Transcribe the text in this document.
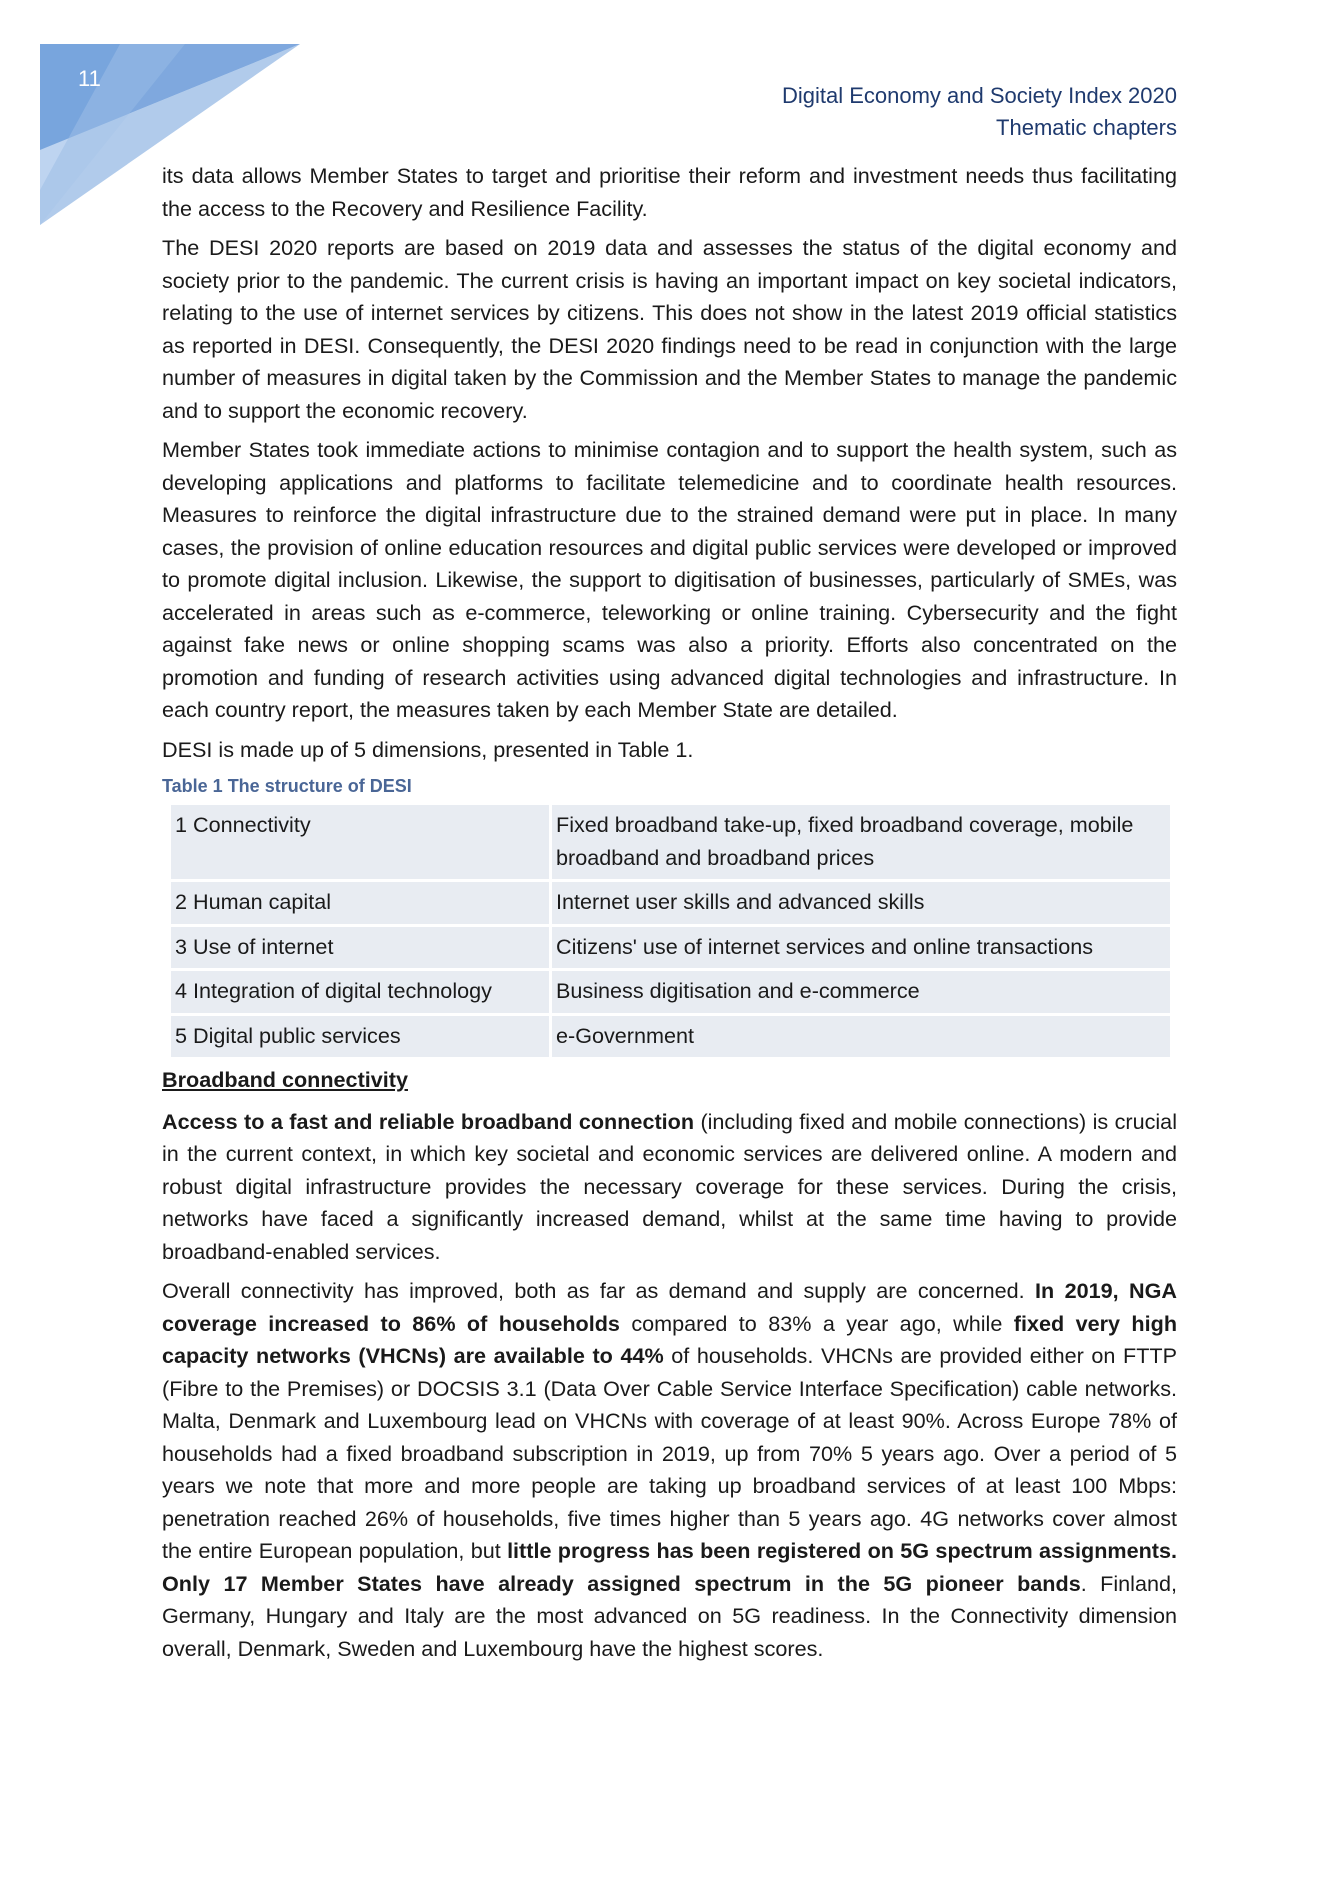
11
Digital Economy and Society Index 2020
Thematic chapters

its data allows Member States to target and prioritise their reform and investment needs thus facilitating the access to the Recovery and Resilience Facility.

The DESI 2020 reports are based on 2019 data and assesses the status of the digital economy and society prior to the pandemic. The current crisis is having an important impact on key societal indicators, relating to the use of internet services by citizens. This does not show in the latest 2019 official statistics as reported in DESI. Consequently, the DESI 2020 findings need to be read in conjunction with the large number of measures in digital taken by the Commission and the Member States to manage the pandemic and to support the economic recovery.

Member States took immediate actions to minimise contagion and to support the health system, such as developing applications and platforms to facilitate telemedicine and to coordinate health resources. Measures to reinforce the digital infrastructure due to the strained demand were put in place. In many cases, the provision of online education resources and digital public services were developed or improved to promote digital inclusion. Likewise, the support to digitisation of businesses, particularly of SMEs, was accelerated in areas such as e-commerce, teleworking or online training. Cybersecurity and the fight against fake news or online shopping scams was also a priority. Efforts also concentrated on the promotion and funding of research activities using advanced digital technologies and infrastructure. In each country report, the measures taken by each Member State are detailed.

DESI is made up of 5 dimensions, presented in Table 1.

Table 1 The structure of DESI
1 Connectivity	Fixed broadband take-up, fixed broadband coverage, mobile broadband and broadband prices
2 Human capital	Internet user skills and advanced skills
3 Use of internet	Citizens' use of internet services and online transactions
4 Integration of digital technology	Business digitisation and e-commerce
5 Digital public services	e-Government
Broadband connectivity

Access to a fast and reliable broadband connection (including fixed and mobile connections) is crucial in the current context, in which key societal and economic services are delivered online. A modern and robust digital infrastructure provides the necessary coverage for these services. During the crisis, networks have faced a significantly increased demand, whilst at the same time having to provide broadband-enabled services.

Overall connectivity has improved, both as far as demand and supply are concerned. In 2019, NGA coverage increased to 86% of households compared to 83% a year ago, while fixed very high capacity networks (VHCNs) are available to 44% of households. VHCNs are provided either on FTTP (Fibre to the Premises) or DOCSIS 3.1 (Data Over Cable Service Interface Specification) cable networks. Malta, Denmark and Luxembourg lead on VHCNs with coverage of at least 90%. Across Europe 78% of households had a fixed broadband subscription in 2019, up from 70% 5 years ago. Over a period of 5 years we note that more and more people are taking up broadband services of at least 100 Mbps: penetration reached 26% of households, five times higher than 5 years ago. 4G networks cover almost the entire European population, but little progress has been registered on 5G spectrum assignments. Only 17 Member States have already assigned spectrum in the 5G pioneer bands. Finland, Germany, Hungary and Italy are the most advanced on 5G readiness. In the Connectivity dimension overall, Denmark, Sweden and Luxembourg have the highest scores.
